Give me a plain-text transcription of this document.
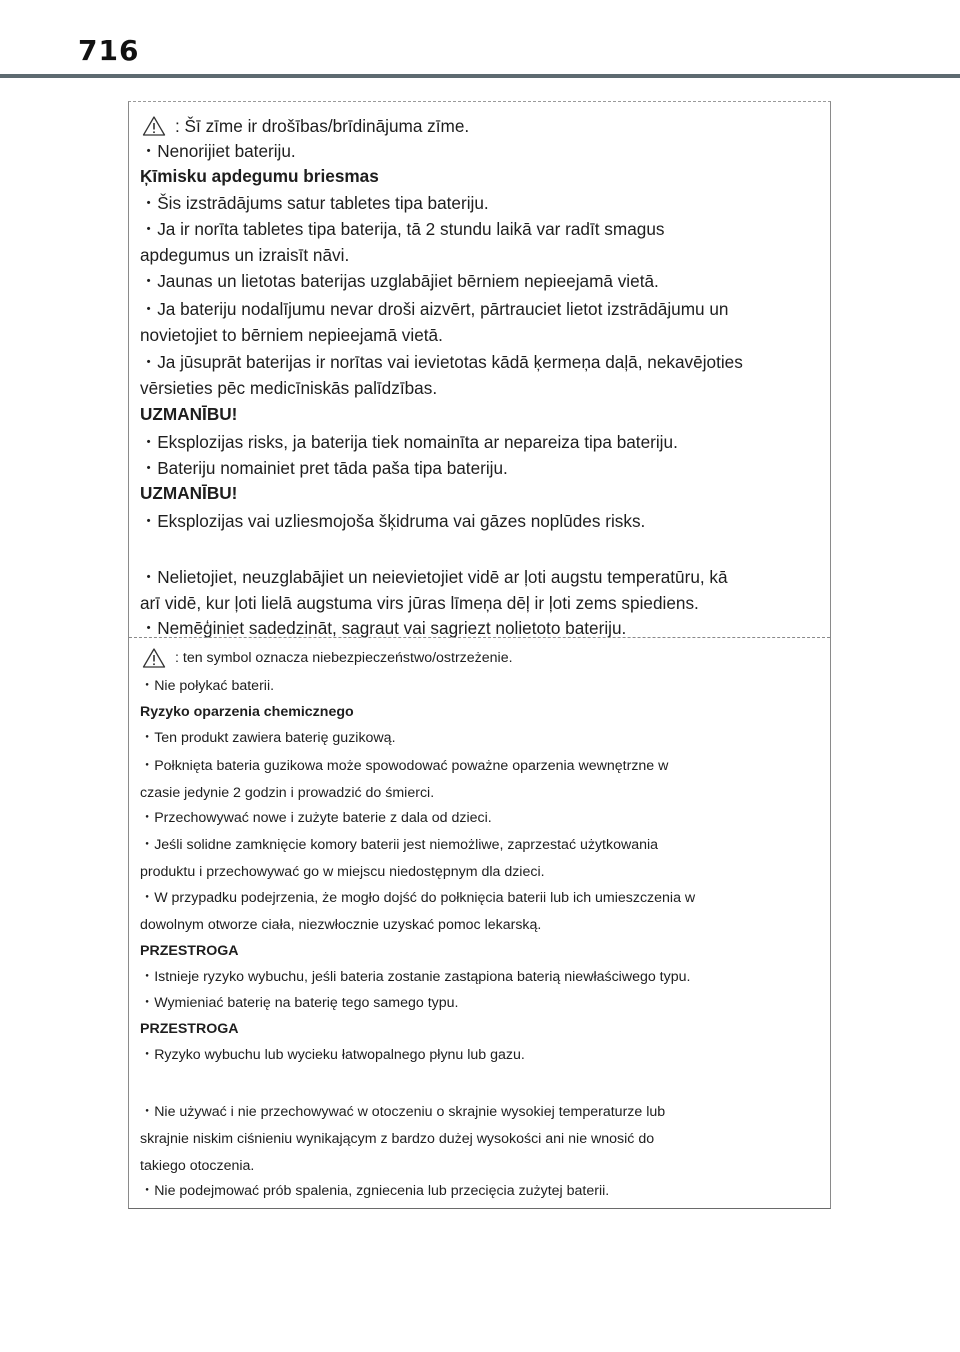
716
: Šī zīme ir drošības/brīdinājuma zīme.
・Nenorijiet bateriju.
Ķīmisku apdegumu briesmas
・Šis izstrādājums satur tabletes tipa bateriju.
・Ja ir norīta tabletes tipa baterija, tā 2 stundu laikā var radīt smagus
apdegumus un izraisīt nāvi.
・Jaunas un lietotas baterijas uzglabājiet bērniem nepieejamā vietā.
・Ja bateriju nodalījumu nevar droši aizvērt, pārtrauciet lietot izstrādājumu un
novietojiet to bērniem nepieejamā vietā.
・Ja jūsuprāt baterijas ir norītas vai ievietotas kādā ķermeņa daļā, nekavējoties
vērsieties pēc medicīniskās palīdzības.
UZMANĪBU!
・Eksplozijas risks, ja baterija tiek nomainīta ar nepareiza tipa bateriju.
・Bateriju nomainiet pret tāda paša tipa bateriju.
UZMANĪBU!
・Eksplozijas vai uzliesmojoša šķidruma vai gāzes noplūdes risks.
・Nelietojiet, neuzglabājiet un neievietojiet vidē ar ļoti augstu temperatūru, kā
arī vidē, kur ļoti lielā augstuma virs jūras līmeņa dēļ ir ļoti zems spiediens.
・Nemēģiniet sadedzināt, sagraut vai sagriezt nolietoto bateriju.
: ten symbol oznacza niebezpieczeństwo/ostrzeżenie.
・Nie połykać baterii.
Ryzyko oparzenia chemicznego
・Ten produkt zawiera baterię guzikową.
・Połknięta bateria guzikowa może spowodować poważne oparzenia wewnętrzne w
czasie jedynie 2 godzin i prowadzić do śmierci.
・Przechowywać nowe i zużyte baterie z dala od dzieci.
・Jeśli solidne zamknięcie komory baterii jest niemożliwe, zaprzestać użytkowania
produktu i przechowywać go w miejscu niedostępnym dla dzieci.
・W przypadku podejrzenia, że mogło dojść do połknięcia baterii lub ich umieszczenia w
dowolnym otworze ciała, niezwłocznie uzyskać pomoc lekarską.
PRZESTROGA
・Istnieje ryzyko wybuchu, jeśli bateria zostanie zastąpiona baterią niewłaściwego typu.
・Wymieniać baterię na baterię tego samego typu.
PRZESTROGA
・Ryzyko wybuchu lub wycieku łatwopalnego płynu lub gazu.
・Nie używać i nie przechowywać w otoczeniu o skrajnie wysokiej temperaturze lub
skrajnie niskim ciśnieniu wynikającym z bardzo dużej wysokości ani nie wnosić do
takiego otoczenia.
・Nie podejmować prób spalenia, zgniecenia lub przecięcia zużytej baterii.
